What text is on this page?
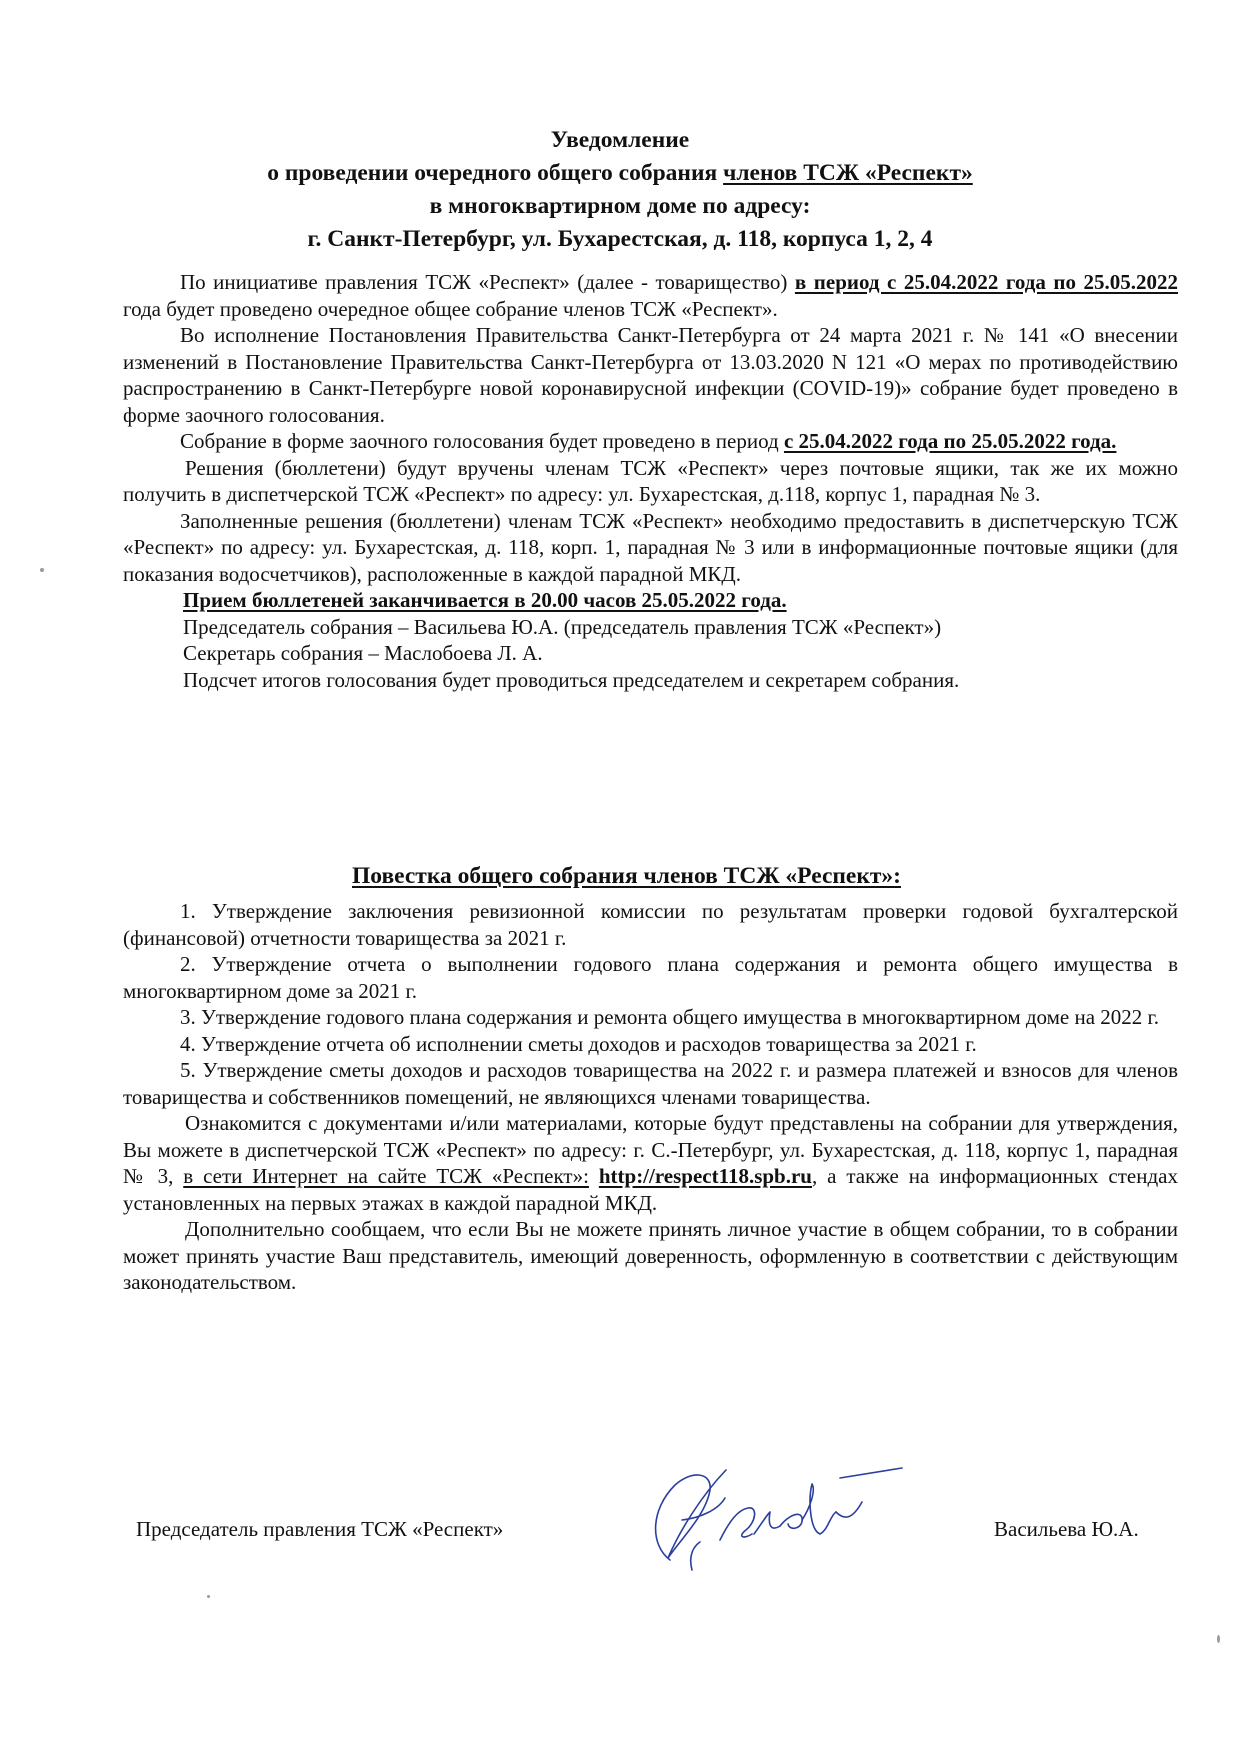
Уведомление

о проведении очередного общего собрания членов ТСЖ «Респект»

в многоквартирном доме по адресу:

г. Санкт-Петербург, ул. Бухарестская, д. 118, корпуса 1, 2, 4

По инициативе правления ТСЖ «Респект» (далее - товарищество) в период с 25.04.2022 года по 25.05.2022 года будет проведено очередное общее собрание членов ТСЖ «Респект».

Во исполнение Постановления Правительства Санкт-Петербурга от 24 марта 2021 г. № 141 «О внесении изменений в Постановление Правительства Санкт-Петербурга от 13.03.2020 N 121 «О мерах по противодействию распространению в Санкт-Петербурге новой коронавирусной инфекции (COVID-19)» собрание будет проведено в форме заочного голосования.

Собрание в форме заочного голосования будет проведено в период с 25.04.2022 года по 25.05.2022 года.

Решения (бюллетени) будут вручены членам ТСЖ «Респект» через почтовые ящики, так же их можно получить в диспетчерской ТСЖ «Респект» по адресу: ул. Бухарестская, д.118, корпус 1, парадная № 3.

Заполненные решения (бюллетени) членам ТСЖ «Респект» необходимо предоставить в диспетчерскую ТСЖ «Респект» по адресу: ул. Бухарестская, д. 118, корп. 1, парадная № 3 или в информационные почтовые ящики (для показания водосчетчиков), расположенные в каждой парадной МКД.

Прием бюллетеней заканчивается в 20.00 часов 25.05.2022 года.

Председатель собрания – Васильева Ю.А. (председатель правления ТСЖ «Респект»)

Секретарь собрания – Маслобоева Л. А.

Подсчет итогов голосования будет проводиться председателем и секретарем собрания.

Повестка общего собрания членов ТСЖ «Респект»:

1. Утверждение заключения ревизионной комиссии по результатам проверки годовой бухгалтерской (финансовой) отчетности товарищества за 2021 г.

2. Утверждение отчета о выполнении годового плана содержания и ремонта общего имущества в многоквартирном доме за 2021 г.

3. Утверждение годового плана содержания и ремонта общего имущества в многоквартирном доме на 2022 г.

4. Утверждение отчета об исполнении сметы доходов и расходов товарищества за 2021 г.

5. Утверждение сметы доходов и расходов товарищества на 2022 г. и размера платежей и взносов для членов товарищества и собственников помещений, не являющихся членами товарищества.

Ознакомится с документами и/или материалами, которые будут представлены на собрании для утверждения, Вы можете в диспетчерской ТСЖ «Респект» по адресу: г. С.-Петербург, ул. Бухарестская, д. 118, корпус 1, парадная № 3, в сети Интернет на сайте ТСЖ «Респект»: http://respect118.spb.ru, а также на информационных стендах установленных на первых этажах в каждой парадной МКД.

Дополнительно сообщаем, что если Вы не можете принять личное участие в общем собрании, то в собрании может принять участие Ваш представитель, имеющий доверенность, оформленную в соответствии с действующим законодательством.

Председатель правления ТСЖ «Респект»	Васильева Ю.А.
